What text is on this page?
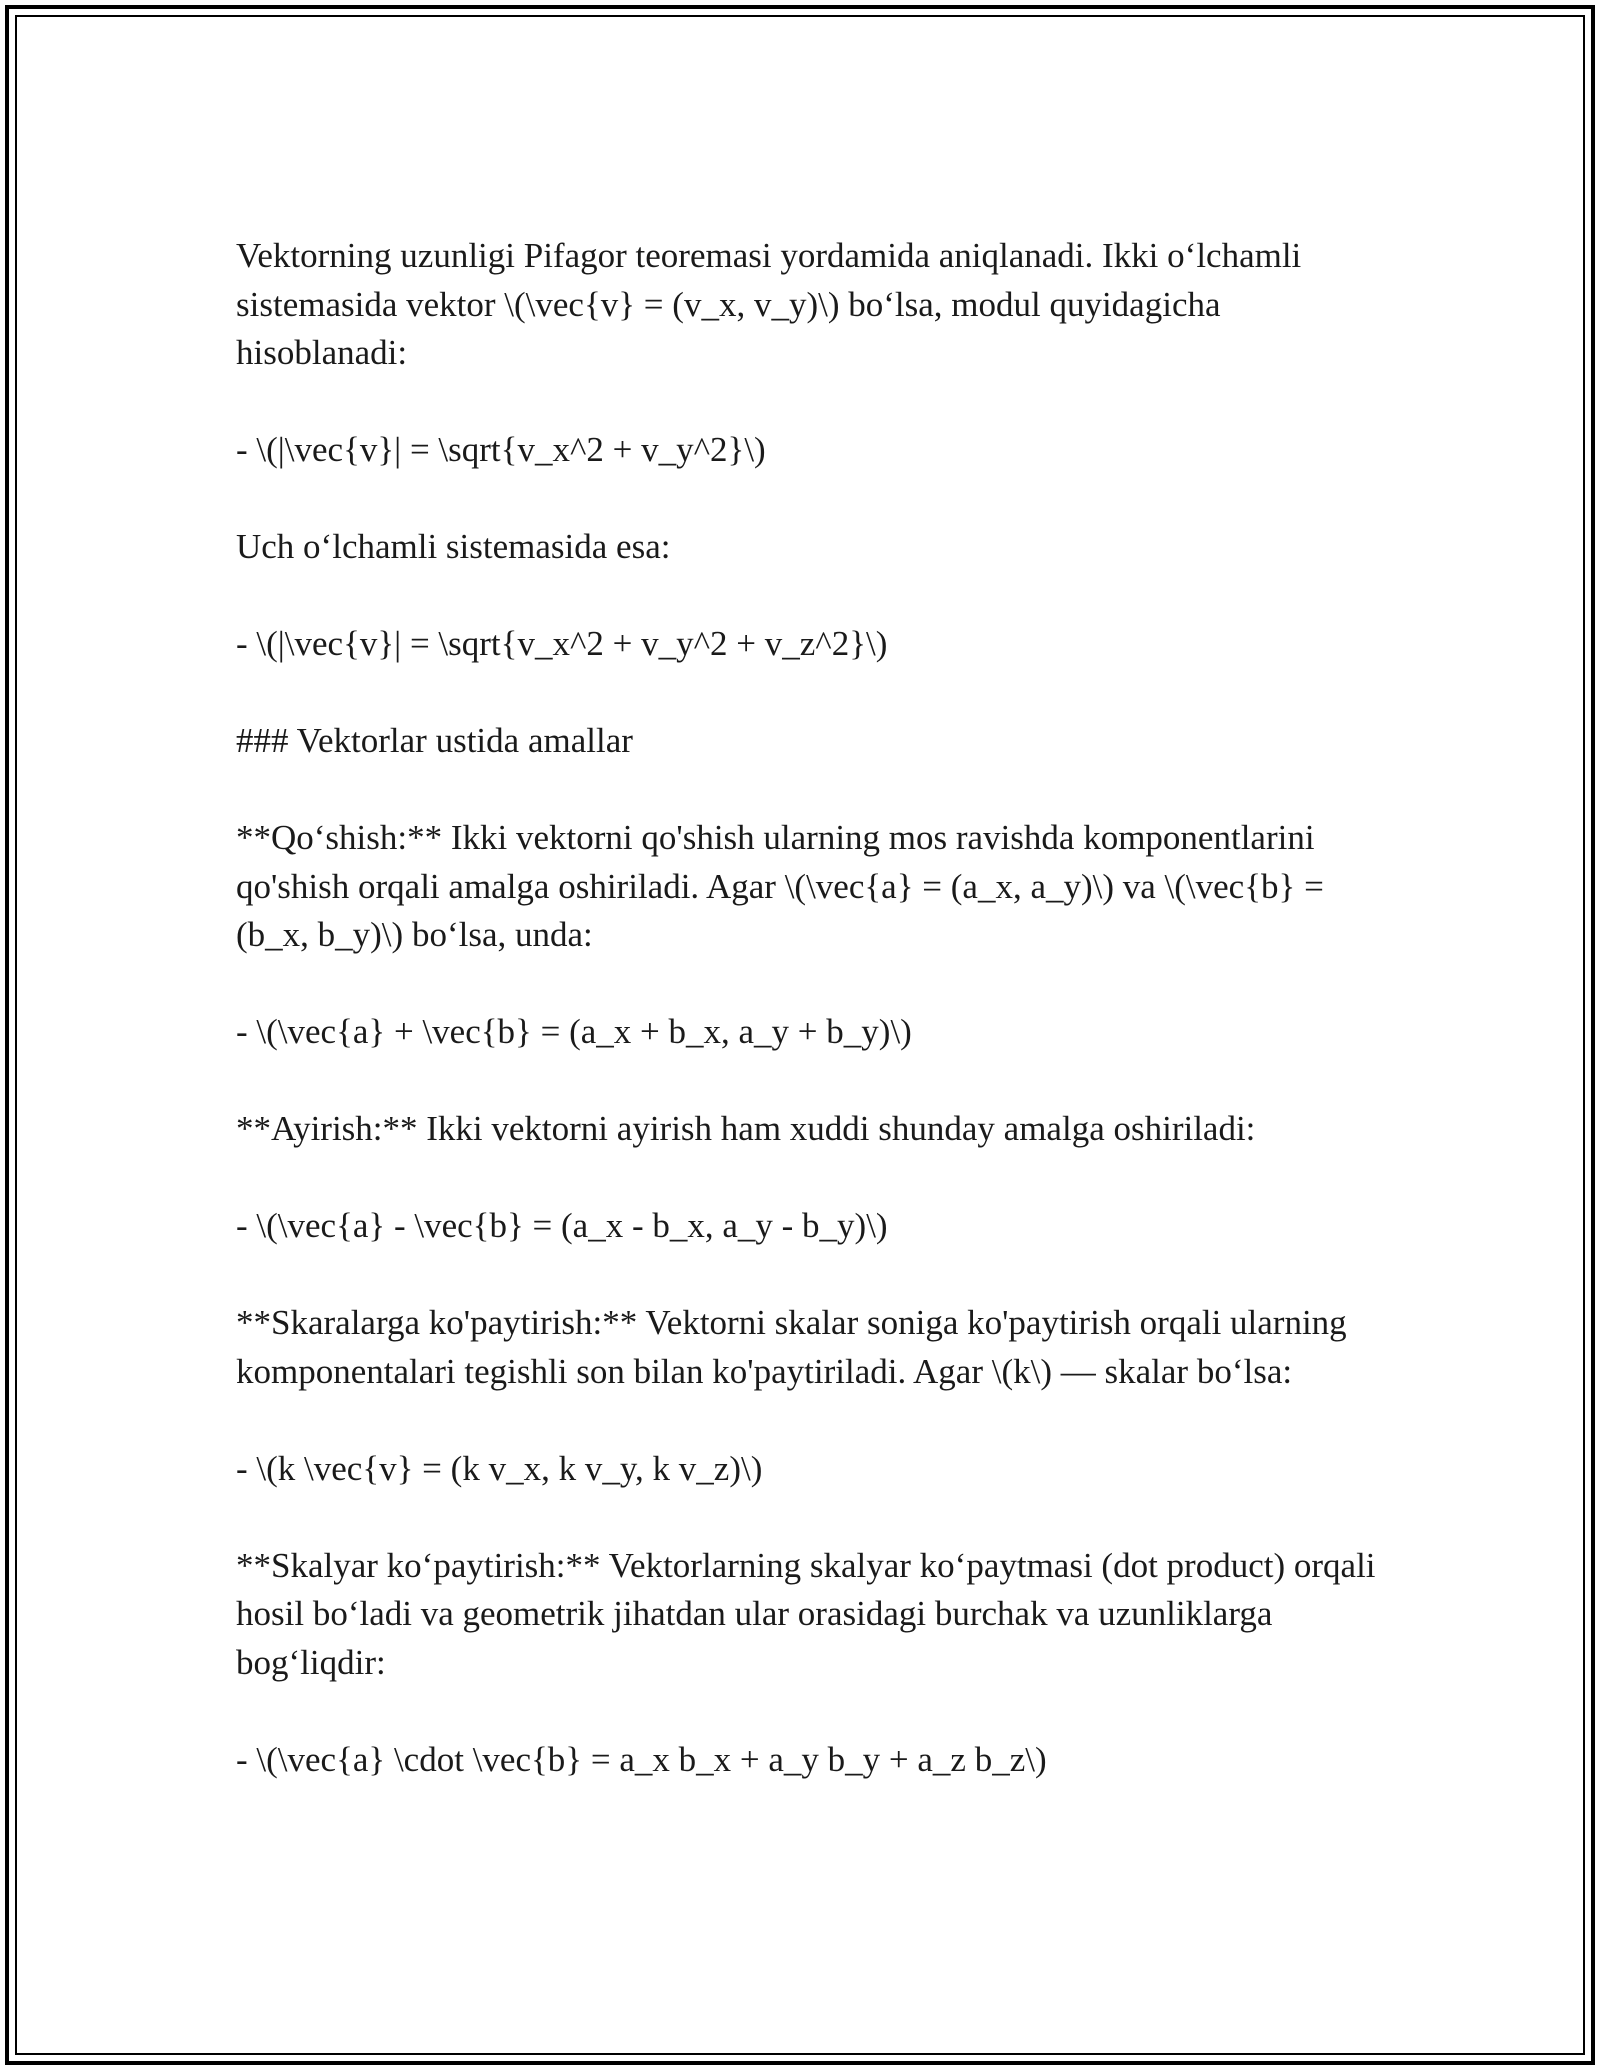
Vektorning uzunligi Pifagor teoremasi yordamida aniqlanadi. Ikki o‘lchamli sistemasida vektor \(\vec{v} = (v_x, v_y)\) bo‘lsa, modul quyidagicha hisoblanadi:

- \(|\vec{v}| = \sqrt{v_x^2 + v_y^2}\)

Uch o‘lchamli sistemasida esa:

- \(|\vec{v}| = \sqrt{v_x^2 + v_y^2 + v_z^2}\)

### Vektorlar ustida amallar

**Qo‘shish:** Ikki vektorni qo'shish ularning mos ravishda komponentlarini qo'shish orqali amalga oshiriladi. Agar \(\vec{a} = (a_x, a_y)\) va \(\vec{b} = (b_x, b_y)\) bo‘lsa, unda:

- \(\vec{a} + \vec{b} = (a_x + b_x, a_y + b_y)\)

**Ayirish:** Ikki vektorni ayirish ham xuddi shunday amalga oshiriladi:

- \(\vec{a} - \vec{b} = (a_x - b_x, a_y - b_y)\)

**Skaralarga ko'paytirish:** Vektorni skalar soniga ko'paytirish orqali ularning komponentalari tegishli son bilan ko'paytiriladi. Agar \(k\) — skalar bo‘lsa:

- \(k \vec{v} = (k v_x, k v_y, k v_z)\)

**Skalyar ko‘paytirish:** Vektorlarning skalyar ko‘paytmasi (dot product) orqali hosil bo‘ladi va geometrik jihatdan ular orasidagi burchak va uzunliklarga bog‘liqdir:

- \(\vec{a} \cdot \vec{b} = a_x b_x + a_y b_y + a_z b_z\)
